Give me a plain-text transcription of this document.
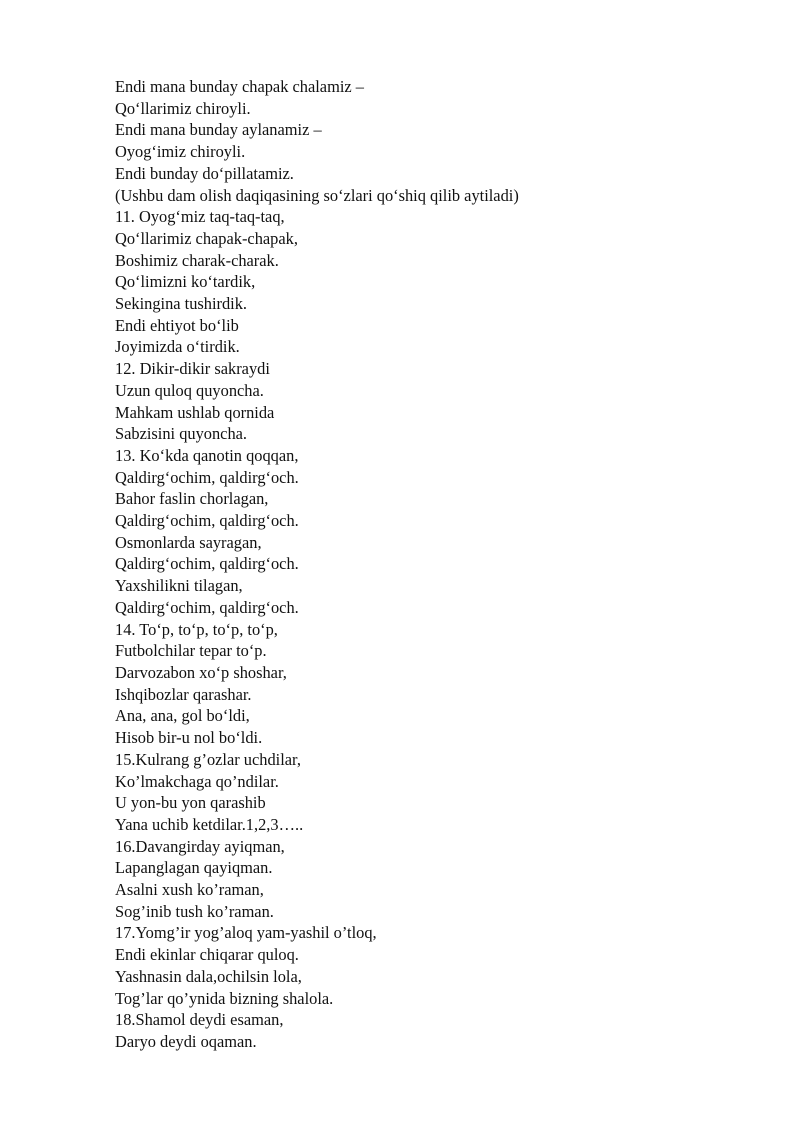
Endi mana bunday chapak chalamiz –

Qo‘llarimiz chiroyli.

Endi mana bunday aylanamiz –

Oyog‘imiz chiroyli.

Endi bunday do‘pillatamiz.

(Ushbu dam olish daqiqasining so‘zlari qo‘shiq qilib aytiladi)

11. Oyog‘miz taq-taq-taq,

Qo‘llarimiz chapak-chapak,

Boshimiz charak-charak.

Qo‘limizni ko‘tardik,

Sekingina tushirdik.

Endi ehtiyot bo‘lib

Joyimizda o‘tirdik.

12. Dikir-dikir sakraydi

Uzun quloq quyoncha.

Mahkam ushlab qornida

Sabzisini quyoncha.

13. Ko‘kda qanotin qoqqan,

Qaldirg‘ochim, qaldirg‘och.

Bahor faslin chorlagan,

Qaldirg‘ochim, qaldirg‘och.

Osmonlarda sayragan,

Qaldirg‘ochim, qaldirg‘och.

Yaxshilikni tilagan,

Qaldirg‘ochim, qaldirg‘och.

14. To‘p, to‘p, to‘p, to‘p,

Futbolchilar tepar to‘p.

Darvozabon xo‘p shoshar,

Ishqibozlar qarashar.

Ana, ana, gol bo‘ldi,

Hisob bir-u nol bo‘ldi.

15.Kulrang g’ozlar uchdilar,

Ko’lmakchaga qo’ndilar.

U yon-bu yon qarashib

Yana uchib ketdilar.1,2,3…..

16.Davangirday ayiqman,

Lapanglagan qayiqman.

Asalni xush ko’raman,

Sog’inib tush ko’raman.

17.Yomg’ir yog’aloq yam-yashil o’tloq,

Endi ekinlar chiqarar quloq.

Yashnasin dala,ochilsin lola,

Tog’lar qo’ynida bizning shalola.

18.Shamol deydi esaman,

Daryo deydi oqaman.
